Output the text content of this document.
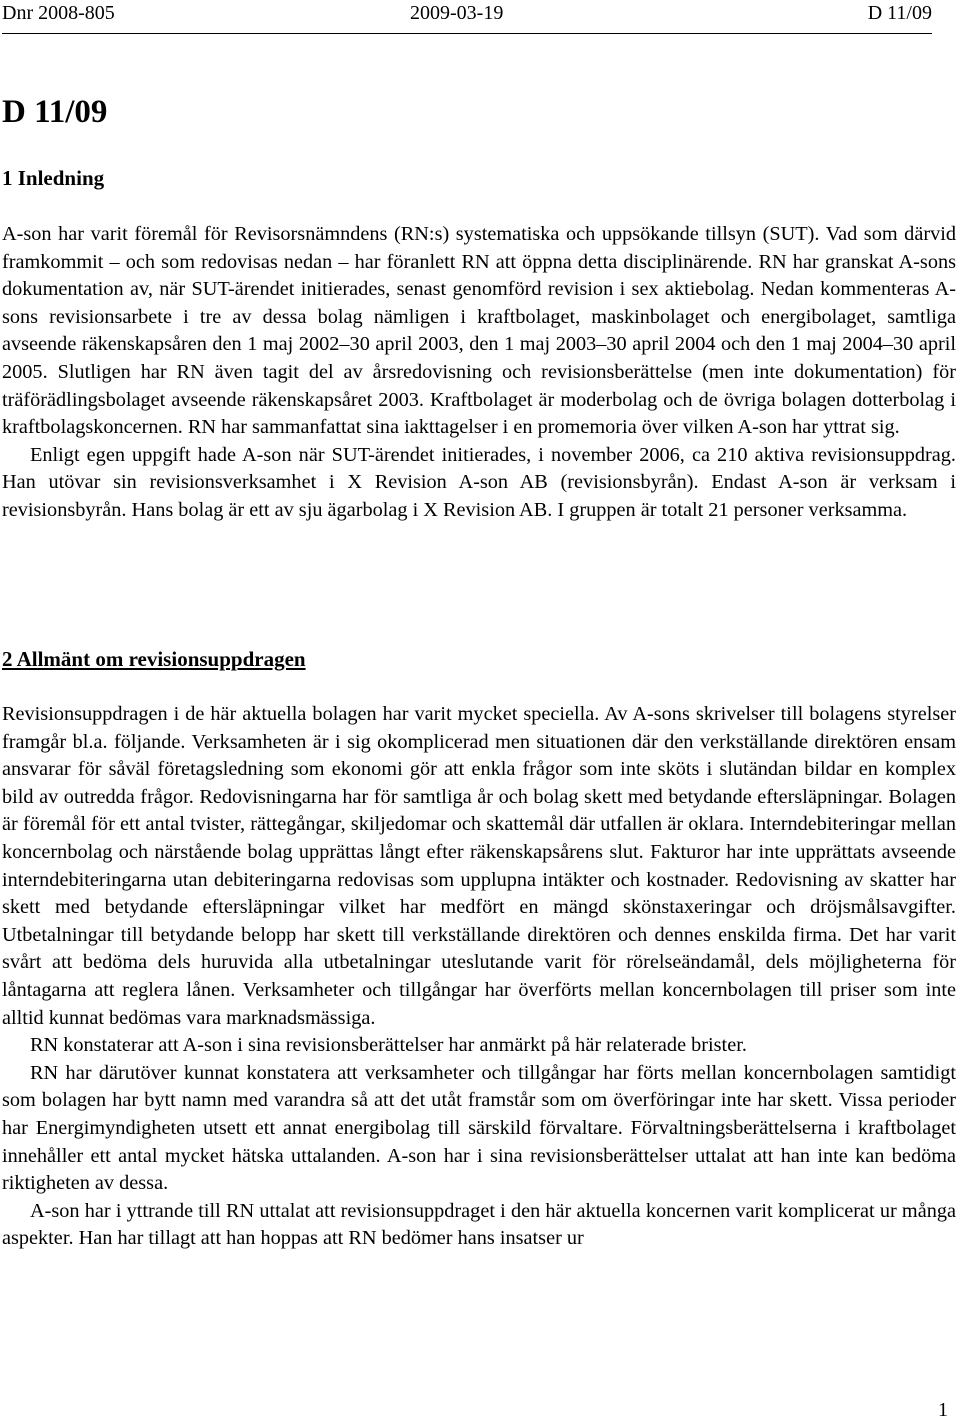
Dnr 2008-805	2009-03-19	D 11/09
D 11/09
1 Inledning

A-son har varit föremål för Revisorsnämndens (RN:s) systematiska och uppsökande tillsyn (SUT). Vad som därvid framkommit – och som redovisas nedan – har föranlett RN att öppna detta disciplinärende. RN har granskat A-sons dokumentation av, när SUT-ärendet initierades, senast genomförd revision i sex aktiebolag. Nedan kommenteras A-sons revisionsarbete i tre av dessa bolag nämligen i kraftbolaget, maskinbolaget och energibolaget, samtliga avseende räkenskapsåren den 1 maj 2002–30 april 2003, den 1 maj 2003–30 april 2004 och den 1 maj 2004–30 april 2005. Slutligen har RN även tagit del av årsredovisning och revisionsberättelse (men inte dokumentation) för träförädlingsbolaget avseende räkenskapsåret 2003. Kraftbolaget är moderbolag och de övriga bolagen dotterbolag i kraftbolagskoncernen. RN har sammanfattat sina iakttagelser i en promemoria över vilken A-son har yttrat sig.

Enligt egen uppgift hade A-son när SUT-ärendet initierades, i november 2006, ca 210 aktiva revisionsuppdrag. Han utövar sin revisionsverksamhet i X Revision A-son AB (revisionsbyrån). Endast A-son är verksam i revisionsbyrån. Hans bolag är ett av sju ägarbolag i X Revision AB. I gruppen är totalt 21 personer verksamma.

2 Allmänt om revisionsuppdragen

Revisionsuppdragen i de här aktuella bolagen har varit mycket speciella. Av A-sons skrivelser till bolagens styrelser framgår bl.a. följande. Verksamheten är i sig okomplicerad men situationen där den verkställande direktören ensam ansvarar för såväl företagsledning som ekonomi gör att enkla frågor som inte sköts i slutändan bildar en komplex bild av outredda frågor. Redovisningarna har för samtliga år och bolag skett med betydande eftersläpningar. Bolagen är föremål för ett antal tvister, rättegångar, skiljedomar och skattemål där utfallen är oklara. Interndebiteringar mellan koncernbolag och närstående bolag upprättas långt efter räkenskapsårens slut. Fakturor har inte upprättats avseende interndebiteringarna utan debiteringarna redovisas som upplupna intäkter och kostnader. Redovisning av skatter har skett med betydande eftersläpningar vilket har medfört en mängd skönstaxeringar och dröjsmålsavgifter. Utbetalningar till betydande belopp har skett till verkställande direktören och dennes enskilda firma. Det har varit svårt att bedöma dels huruvida alla utbetalningar uteslutande varit för rörelseändamål, dels möjligheterna för låntagarna att reglera lånen. Verksamheter och tillgångar har överförts mellan koncernbolagen till priser som inte alltid kunnat bedömas vara marknadsmässiga.

RN konstaterar att A-son i sina revisionsberättelser har anmärkt på här relaterade brister.

RN har därutöver kunnat konstatera att verksamheter och tillgångar har förts mellan koncernbolagen samtidigt som bolagen har bytt namn med varandra så att det utåt framstår som om överföringar inte har skett. Vissa perioder har Energimyndigheten utsett ett annat energibolag till särskild förvaltare. Förvaltningsberättelserna i kraftbolaget innehåller ett antal mycket hätska uttalanden. A-son har i sina revisionsberättelser uttalat att han inte kan bedöma riktigheten av dessa.

A-son har i yttrande till RN uttalat att revisionsuppdraget i den här aktuella koncernen varit komplicerat ur många aspekter. Han har tillagt att han hoppas att RN bedömer hans insatser ur

1
